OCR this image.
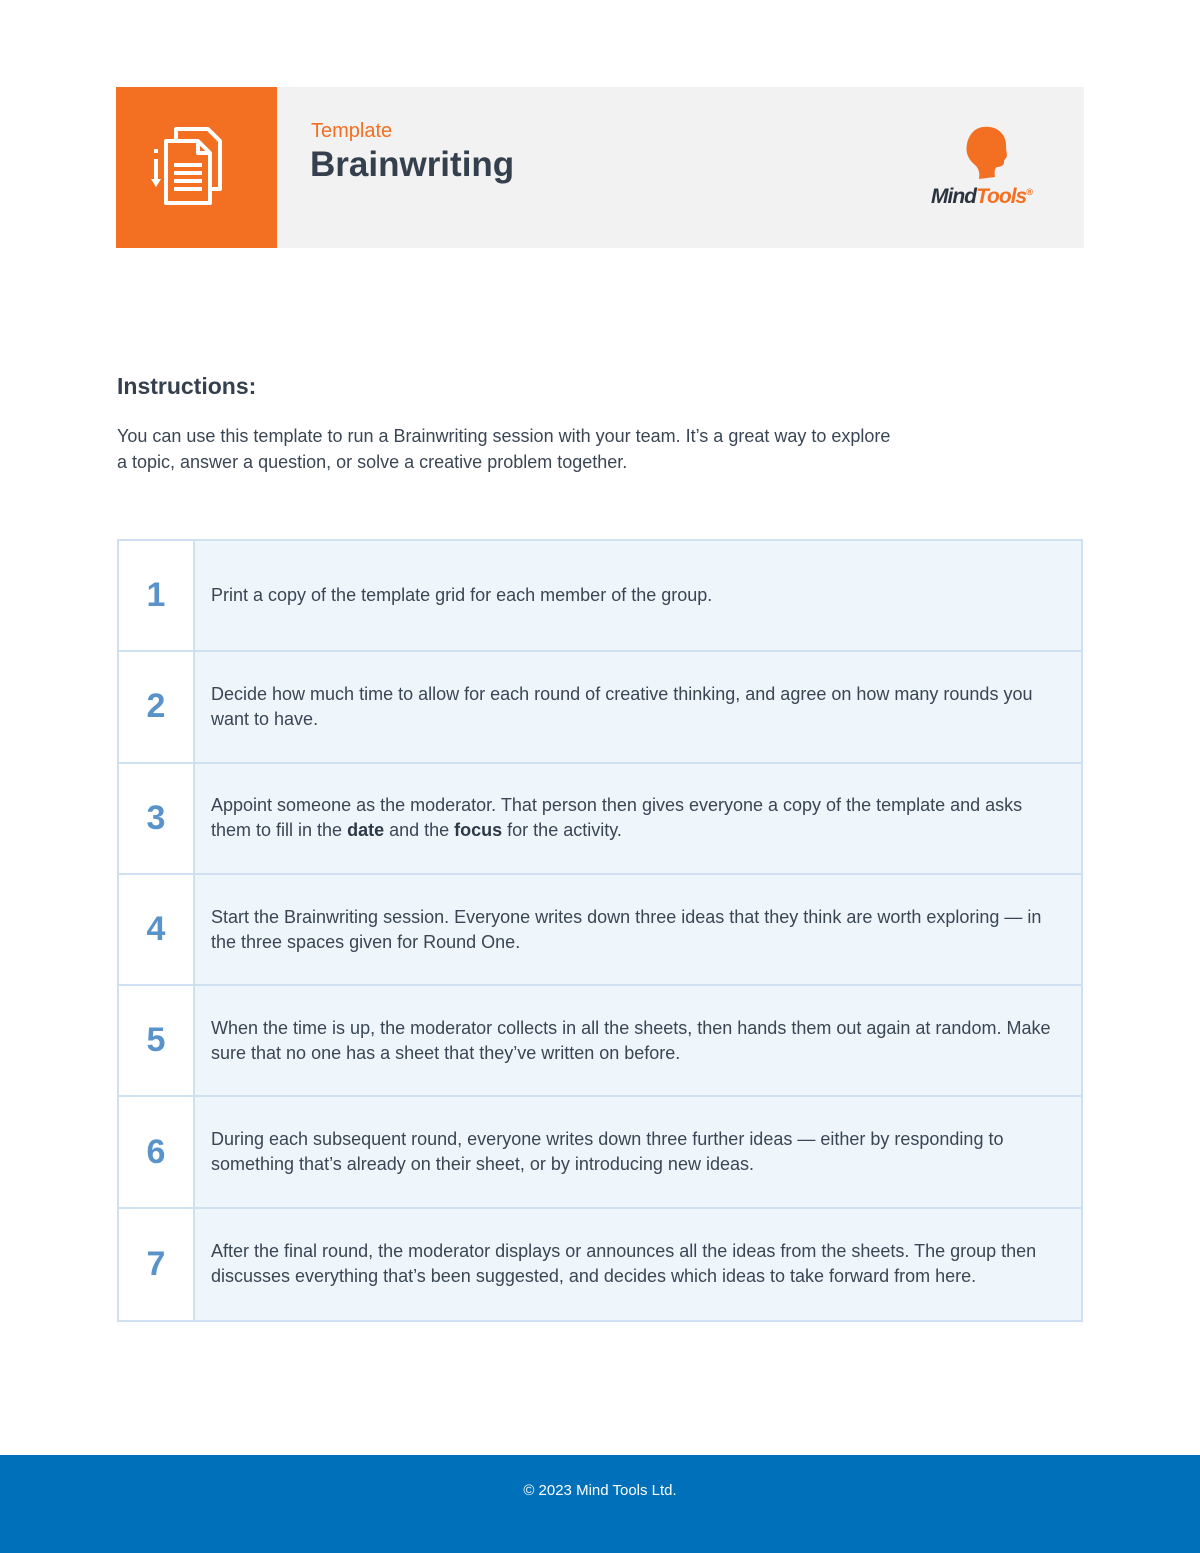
Template
Brainwriting
MindTools®
Instructions:
You can use this template to run a Brainwriting session with your team. It’s a great way to explore
a topic, answer a question, or solve a creative problem together.
1	Print a copy of the template grid for each member of the group.
2	Decide how much time to allow for each round of creative thinking, and agree on how many rounds you want to have.
3	Appoint someone as the moderator. That person then gives everyone a copy of the template and asks them to fill in the date and the focus for the activity.
4	Start the Brainwriting session. Everyone writes down three ideas that they think are worth exploring — in the three spaces given for Round One.
5	When the time is up, the moderator collects in all the sheets, then hands them out again at random. Make sure that no one has a sheet that they’ve written on before.
6	During each subsequent round, everyone writes down three further ideas — either by responding to something that’s already on their sheet, or by introducing new ideas.
7	After the final round, the moderator displays or announces all the ideas from the sheets. The group then discusses everything that’s been suggested, and decides which ideas to take forward from here.
© 2023 Mind Tools Ltd.
